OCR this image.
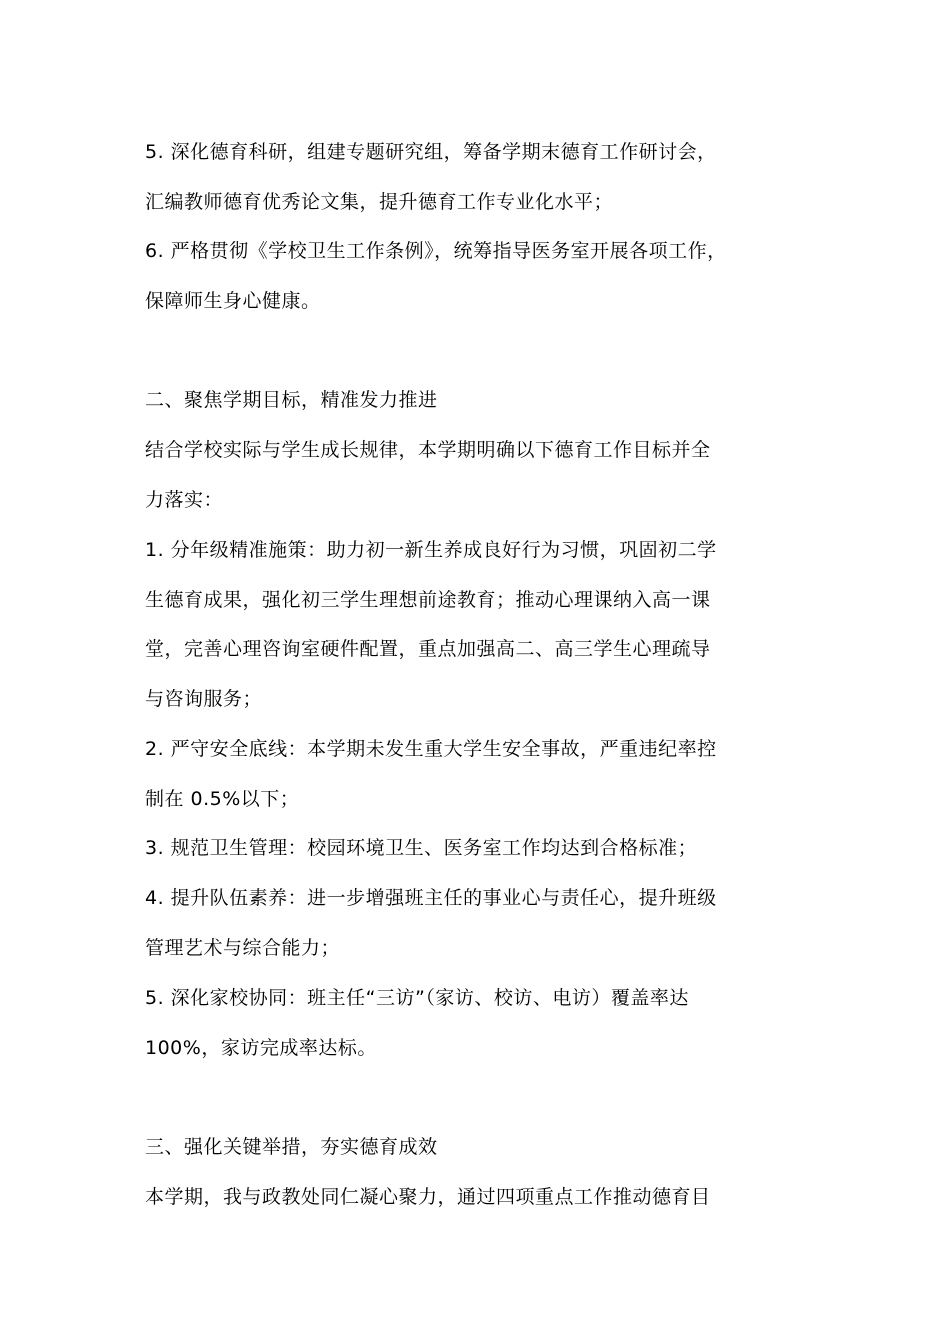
5. 深化德育科研，组建专题研究组，筹备学期末德育工作研讨会，
汇编教师德育优秀论文集，提升德育工作专业化水平；
6. 严格贯彻《学校卫生工作条例》，统筹指导医务室开展各项工作，
保障师生身心健康。
二、聚焦学期目标，精准发力推进
结合学校实际与学生成长规律，本学期明确以下德育工作目标并全
力落实：
1. 分年级精准施策：助力初一新生养成良好行为习惯，巩固初二学
生德育成果，强化初三学生理想前途教育；推动心理课纳入高一课
堂，完善心理咨询室硬件配置，重点加强高二、高三学生心理疏导
与咨询服务；
2. 严守安全底线：本学期未发生重大学生安全事故，严重违纪率控
制在 0.5%以下；
3. 规范卫生管理：校园环境卫生、医务室工作均达到合格标准；
4. 提升队伍素养：进一步增强班主任的事业心与责任心，提升班级
管理艺术与综合能力；
5. 深化家校协同：班主任“三访”（家访、校访、电访）覆盖率达
100%，家访完成率达标。
三、强化关键举措，夯实德育成效
本学期，我与政教处同仁凝心聚力，通过四项重点工作推动德育目
